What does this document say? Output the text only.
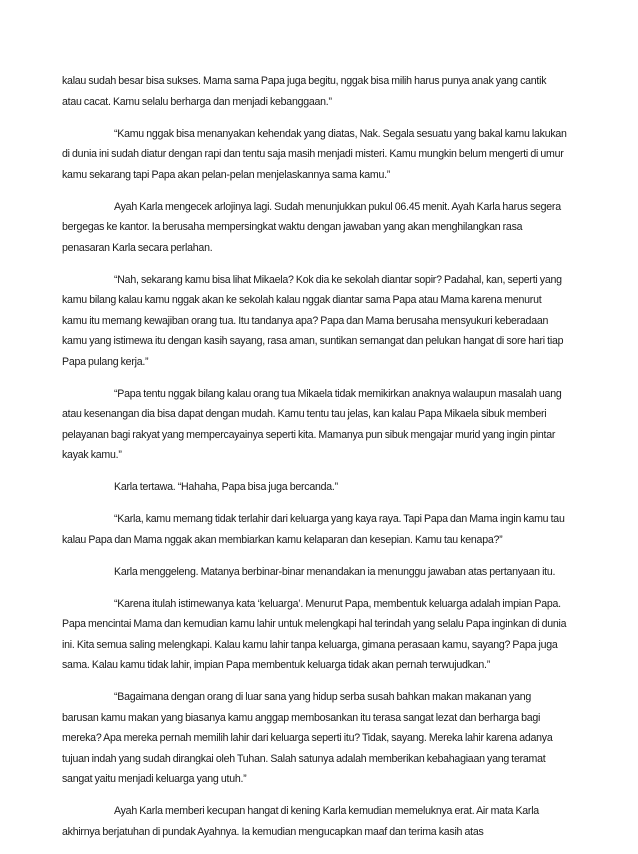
kalau sudah besar bisa sukses. Mama sama Papa juga begitu, nggak bisa milih harus punya anak yang cantik atau cacat. Kamu selalu berharga dan menjadi kebanggaan.”

“Kamu nggak bisa menanyakan kehendak yang diatas, Nak. Segala sesuatu yang bakal kamu lakukan di dunia ini sudah diatur dengan rapi dan tentu saja masih menjadi misteri. Kamu mungkin belum mengerti di umur kamu sekarang tapi Papa akan pelan-pelan menjelaskannya sama kamu.”

Ayah Karla mengecek arlojinya lagi. Sudah menunjukkan pukul 06.45 menit. Ayah Karla harus segera bergegas ke kantor. Ia berusaha mempersingkat waktu dengan jawaban yang akan menghilangkan rasa penasaran Karla secara perlahan.

“Nah, sekarang kamu bisa lihat Mikaela? Kok dia ke sekolah diantar sopir? Padahal, kan, seperti yang kamu bilang kalau kamu nggak akan ke sekolah kalau nggak diantar sama Papa atau Mama karena menurut kamu itu memang kewajiban orang tua. Itu tandanya apa? Papa dan Mama berusaha mensyukuri keberadaan kamu yang istimewa itu dengan kasih sayang, rasa aman, suntikan semangat dan pelukan hangat di sore hari tiap Papa pulang kerja.”

“Papa tentu nggak bilang kalau orang tua Mikaela tidak memikirkan anaknya walaupun masalah uang atau kesenangan dia bisa dapat dengan mudah. Kamu tentu tau jelas, kan kalau Papa Mikaela sibuk memberi pelayanan bagi rakyat yang mempercayainya seperti kita. Mamanya pun sibuk mengajar murid yang ingin pintar kayak kamu.”

Karla tertawa. “Hahaha, Papa bisa juga bercanda.”

“Karla, kamu memang tidak terlahir dari keluarga yang kaya raya. Tapi Papa dan Mama ingin kamu tau kalau Papa dan Mama nggak akan membiarkan kamu kelaparan dan kesepian. Kamu tau kenapa?”

Karla menggeleng. Matanya berbinar-binar menandakan ia menunggu jawaban atas pertanyaan itu.

“Karena itulah istimewanya kata ‘keluarga’. Menurut Papa, membentuk keluarga adalah impian Papa. Papa mencintai Mama dan kemudian kamu lahir untuk melengkapi hal terindah yang selalu Papa inginkan di dunia ini. Kita semua saling melengkapi. Kalau kamu lahir tanpa keluarga, gimana perasaan kamu, sayang? Papa juga sama. Kalau kamu tidak lahir, impian Papa membentuk keluarga tidak akan pernah terwujudkan.”

“Bagaimana dengan orang di luar sana yang hidup serba susah bahkan makan makanan yang barusan kamu makan yang biasanya kamu anggap membosankan itu terasa sangat lezat dan berharga bagi mereka? Apa mereka pernah memilih lahir dari keluarga seperti itu? Tidak, sayang. Mereka lahir karena adanya tujuan indah yang sudah dirangkai oleh Tuhan. Salah satunya adalah memberikan kebahagiaan yang teramat sangat yaitu menjadi keluarga yang utuh.”

Ayah Karla memberi kecupan hangat di kening Karla kemudian memeluknya erat. Air mata Karla akhirnya berjatuhan di pundak Ayahnya. Ia kemudian mengucapkan maaf dan terima kasih atas
